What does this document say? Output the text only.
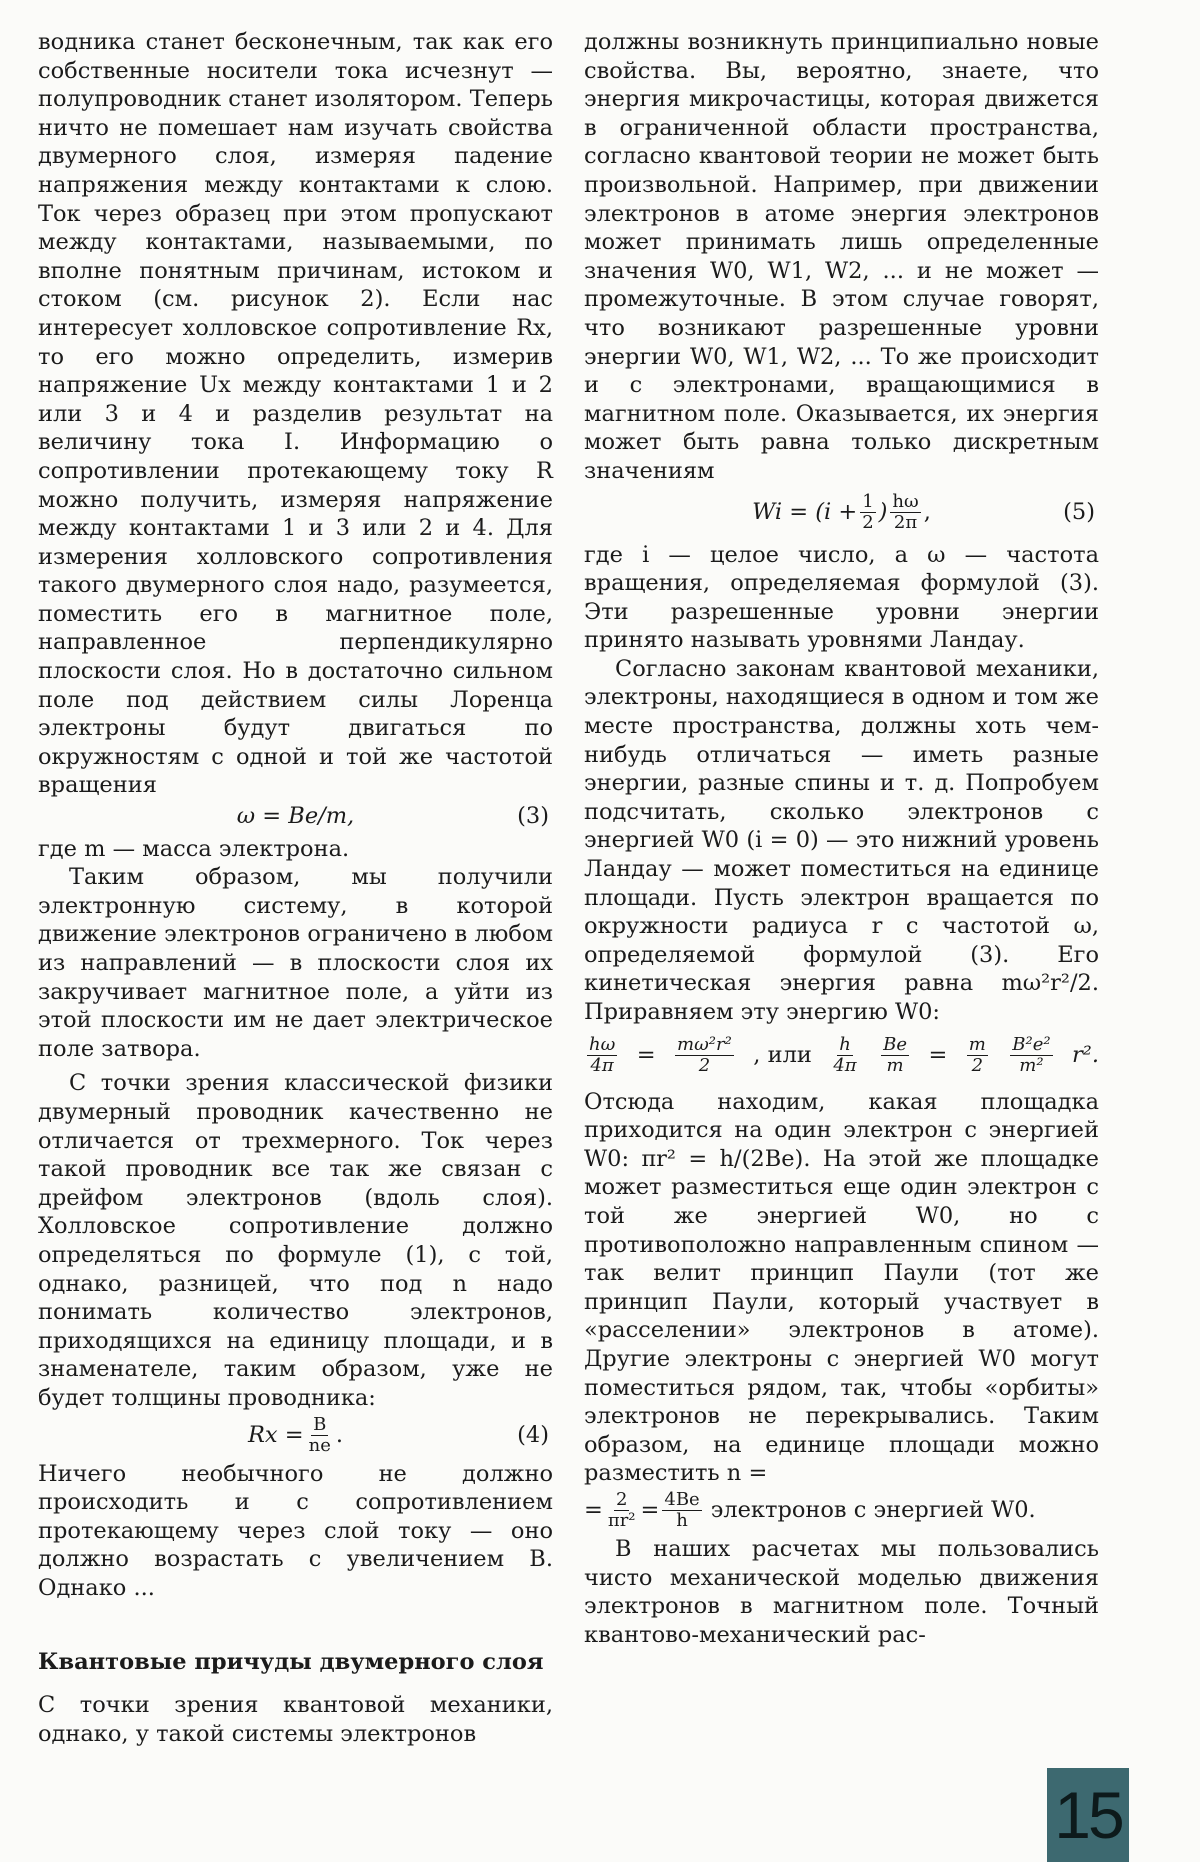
водника станет бесконечным, так как его собственные носители тока исчезнут — полупроводник станет изолятором. Теперь ничто не помешает нам изучать свойства двумерного слоя, измеряя падение напряжения между контактами к слою. Ток через образец при этом пропускают между контактами, называемыми, по вполне понятным причинам, истоком и стоком (см. рисунок 2). Если нас интересует холловское сопротивление Rx, то его можно определить, измерив напряжение Ux между контактами 1 и 2 или 3 и 4 и разделив результат на величину тока I. Информацию о сопротивлении протекающему току R можно получить, измеряя напряжение между контактами 1 и 3 или 2 и 4. Для измерения холловского сопротивления такого двумерного слоя надо, разумеется, поместить его в магнитное поле, направленное перпендикулярно плоскости слоя. Но в достаточно сильном поле под действием силы Лоренца электроны будут двигаться по окружностям с одной и той же частотой вращения

ω = Be/m,	(3)

где m — масса электрона.

Таким образом, мы получили электронную систему, в которой движение электронов ограничено в любом из направлений — в плоскости слоя их закручивает магнитное поле, а уйти из этой плоскости им не дает электрическое поле затвора.

С точки зрения классической физики двумерный проводник качественно не отличается от трехмерного. Ток через такой проводник все так же связан с дрейфом электронов (вдоль слоя). Холловское сопротивление должно определяться по формуле (1), с той, однако, разницей, что под n надо понимать количество электронов, приходящихся на единицу площади, и в знаменателе, таким образом, уже не будет толщины проводника:

$Rx = \frac{B}{ne}$ .	(4)

Ничего необычного не должно происходить и с сопротивлением протекающему через слой току — оно должно возрастать с увеличением B. Однако ...

Квантовые причуды двумерного слоя

С точки зрения квантовой механики, однако, у такой системы электронов

должны возникнуть принципиально новые свойства. Вы, вероятно, знаете, что энергия микрочастицы, которая движется в ограниченной области пространства, согласно квантовой теории не может быть произвольной. Например, при движении электронов в атоме энергия электронов может принимать лишь определенные значения W0, W1, W2, ... и не может — промежуточные. В этом случае говорят, что возникают разрешенные уровни энергии W0, W1, W2, ... То же происходит и с электронами, вращающимися в магнитном поле. Оказывается, их энергия может быть равна только дискретным значениям

$Wi = (i + \frac{1}{2}$ ) $\frac{h\omega}{2\pi}$ ,	(5)

где i — целое число, а ω — частота вращения, определяемая формулой (3). Эти разрешенные уровни энергии принято называть уровнями Ландау.

Согласно законам квантовой механики, электроны, находящиеся в одном и том же месте пространства, должны хоть чем-нибудь отличаться — иметь разные энергии, разные спины и т. д. Попробуем подсчитать, сколько электронов с энергией W0 (i = 0) — это нижний уровень Ландау — может поместиться на единице площади. Пусть электрон вращается по окружности радиуса r с частотой ω, определяемой формулой (3). Его кинетическая энергия равна mω²r²/2. Приравняем эту энергию W0:

$\frac{h\omega}{4\pi} = \frac{\text{mω²r²}}{2}$ , или $\frac{h}{4\pi} \frac{Be}{m} = \frac{m}{2} \frac{\text{B²e²}}{\text{m²}} r^2$.

Отсюда находим, какая площадка приходится на один электрон с энергией W0: πr² = h/(2Be). На этой же площадке может разместиться еще один электрон с той же энергией W0, но с противоположно направленным спином — так велит принцип Паули (тот же принцип Паули, который участвует в «расселении» электронов в атоме). Другие электроны с энергией W0 могут поместиться рядом, так, чтобы «орбиты» электронов не перекрывались. Таким образом, на единице площади можно разместить n =

= $\frac{2}{\text{πr²}} = \frac{4Be}{h}$ электронов с энергией W0.

В наших расчетах мы пользовались чисто механической моделью движения электронов в магнитном поле. Точный квантово-механический рас-

15
